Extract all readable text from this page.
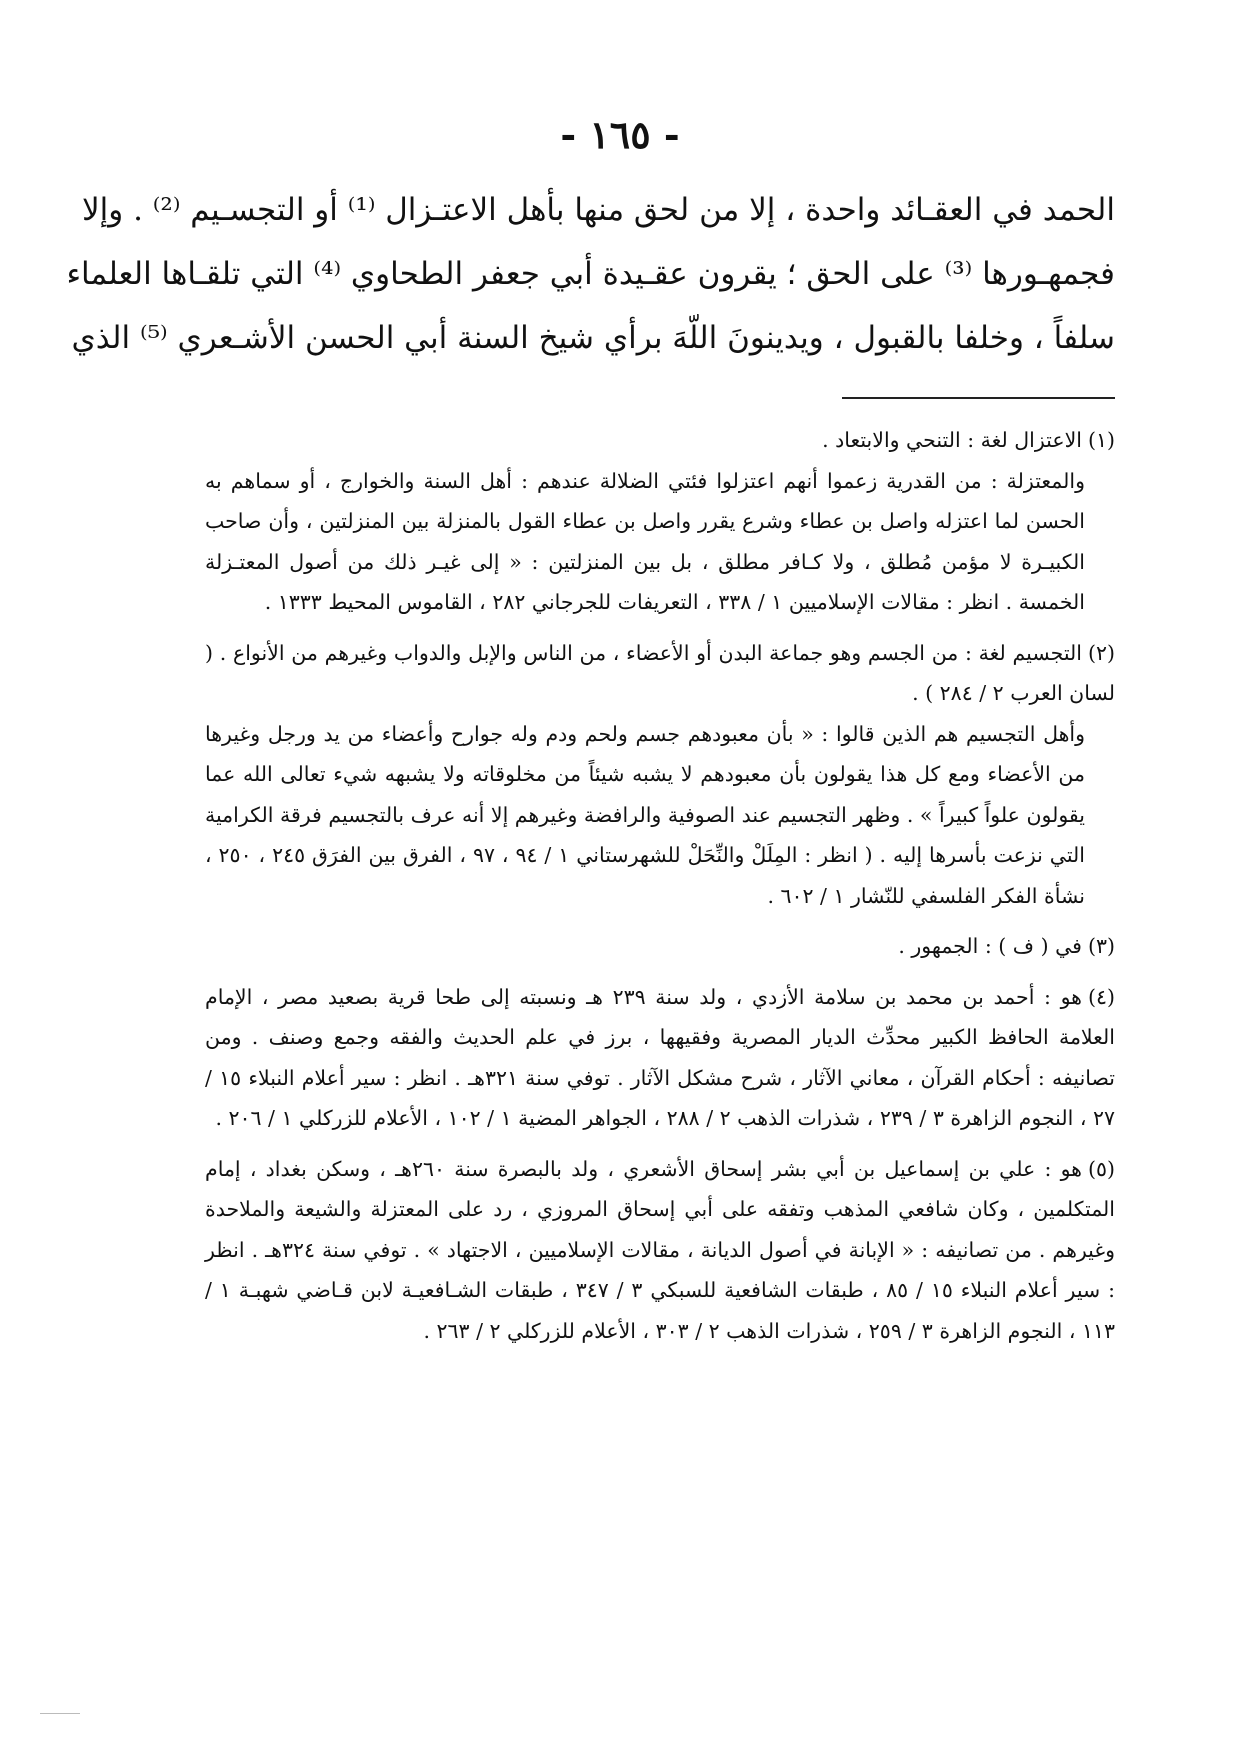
- ١٦٥ -
الحمد في العقـائد واحدة ، إلا من لحق منها بأهل الاعتـزال ⁽¹⁾ أو التجسـيم ⁽²⁾ . وإلا
فجمهـورها ⁽³⁾ على الحق ؛ يقرون عقـيدة أبي جعفر الطحاوي ⁽⁴⁾ التي تلقـاها العلماء
سلفاً ، وخلفا بالقبول ، ويدينونَ اللّهَ برأي شيخ السنة أبي الحسن الأشـعري ⁽⁵⁾ الذي
(١)الاعتزال لغة : التنحي والابتعاد .
والمعتزلة : من القدرية زعموا أنهم اعتزلوا فئتي الضلالة عندهم : أهل السنة والخوارج ، أو سماهم به الحسن لما اعتزله واصل بن عطاء وشرع يقرر واصل بن عطاء القول بالمنزلة بين المنزلتين ، وأن صاحب الكبيـرة لا مؤمن مُطلق ، ولا كـافر مطلق ، بل بين المنزلتين : « إلى غيـر ذلك من أصول المعتـزلة الخمسة . انظر : مقالات الإسلاميين ١ / ٣٣٨ ، التعريفات للجرجاني ٢٨٢ ، القاموس المحيط ١٣٣٣ .
(٢)التجسيم لغة : من الجسم وهو جماعة البدن أو الأعضاء ، من الناس والإبل والدواب وغيرهم من الأنواع . ( لسان العرب ٢ / ٢٨٤ ) .
وأهل التجسيم هم الذين قالوا : « بأن معبودهم جسم ولحم ودم وله جوارح وأعضاء من يد ورجل وغيرها من الأعضاء ومع كل هذا يقولون بأن معبودهم لا يشبه شيئاً من مخلوقاته ولا يشبهه شيء تعالى الله عما يقولون علواً كبيراً » . وظهر التجسيم عند الصوفية والرافضة وغيرهم إلا أنه عرف بالتجسيم فرقة الكرامية التي نزعت بأسرها إليه . ( انظر : المِلَلْ والنِّحَلْ للشهرستاني ١ / ٩٤ ، ٩٧ ، الفرق بين الفرَق ٢٤٥ ، ٢٥٠ ، نشأة الفكر الفلسفي للنّشار ١ / ٦٠٢ .
(٣)في ( ف ) : الجمهور .
(٤)هو : أحمد بن محمد بن سلامة الأزدي ، ولد سنة ٢٣٩ هـ ونسبته إلى طحا قرية بصعيد مصر ، الإمام العلامة الحافظ الكبير محدِّث الديار المصرية وفقيهها ، برز في علم الحديث والفقه وجمع وصنف . ومن تصانيفه : أحكام القرآن ، معاني الآثار ، شرح مشكل الآثار . توفي سنة ٣٢١هـ . انظر : سير أعلام النبلاء ١٥ / ٢٧ ، النجوم الزاهرة ٣ / ٢٣٩ ، شذرات الذهب ٢ / ٢٨٨ ، الجواهر المضية ١ / ١٠٢ ، الأعلام للزركلي ١ / ٢٠٦ .
(٥)هو : علي بن إسماعيل بن أبي بشر إسحاق الأشعري ، ولد بالبصرة سنة ٢٦٠هـ ، وسكن بغداد ، إمام المتكلمين ، وكان شافعي المذهب وتفقه على أبي إسحاق المروزي ، رد على المعتزلة والشيعة والملاحدة وغيرهم . من تصانيفه : « الإبانة في أصول الديانة ، مقالات الإسلاميين ، الاجتهاد » . توفي سنة ٣٢٤هـ . انظر : سير أعلام النبلاء ١٥ / ٨٥ ، طبقات الشافعية للسبكي ٣ / ٣٤٧ ، طبقات الشـافعيـة لابن قـاضي شهبـة ١ / ١١٣ ، النجوم الزاهرة ٣ / ٢٥٩ ، شذرات الذهب ٢ / ٣٠٣ ، الأعلام للزركلي ٢ / ٢٦٣ .
